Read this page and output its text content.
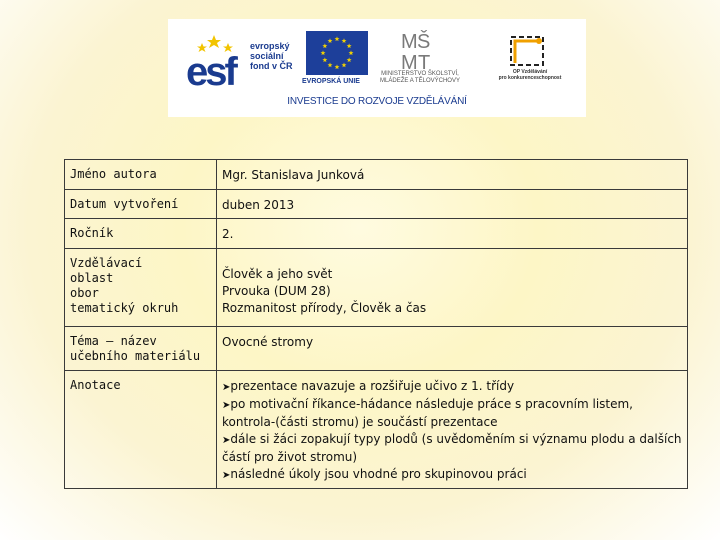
esf
evropský
sociální
fond v ČR
EVROPSKÁ UNIE
M Š
M T
MINISTERSTVO ŠKOLSTVÍ,
MLÁDEŽE A TĚLOVÝCHOVY
OP Vzdělávání
pro konkurenceschopnost
INVESTICE DO ROZVOJE VZDĚLÁVÁNÍ
Jméno autora	Mgr. Stanislava Junková
Datum vytvoření	duben 2013
Ročník	2.
Vzdělávací
oblast
obor
tematický okruh	Člověk a jeho svět
Prvouka (DUM 28)
Rozmanitost přírody, Člověk a čas
Téma – název
učebního materiálu	Ovocné stromy
Anotace	➤prezentace navazuje a rozšiřuje učivo z 1. třídy
➤po motivační říkance-hádance následuje práce s pracovním listem, kontrola-(části stromu) je součástí prezentace
➤dále si žáci zopakují typy plodů (s uvědoměním si významu plodu a dalších částí pro život stromu)
➤následné úkoly jsou vhodné pro skupinovou práci
